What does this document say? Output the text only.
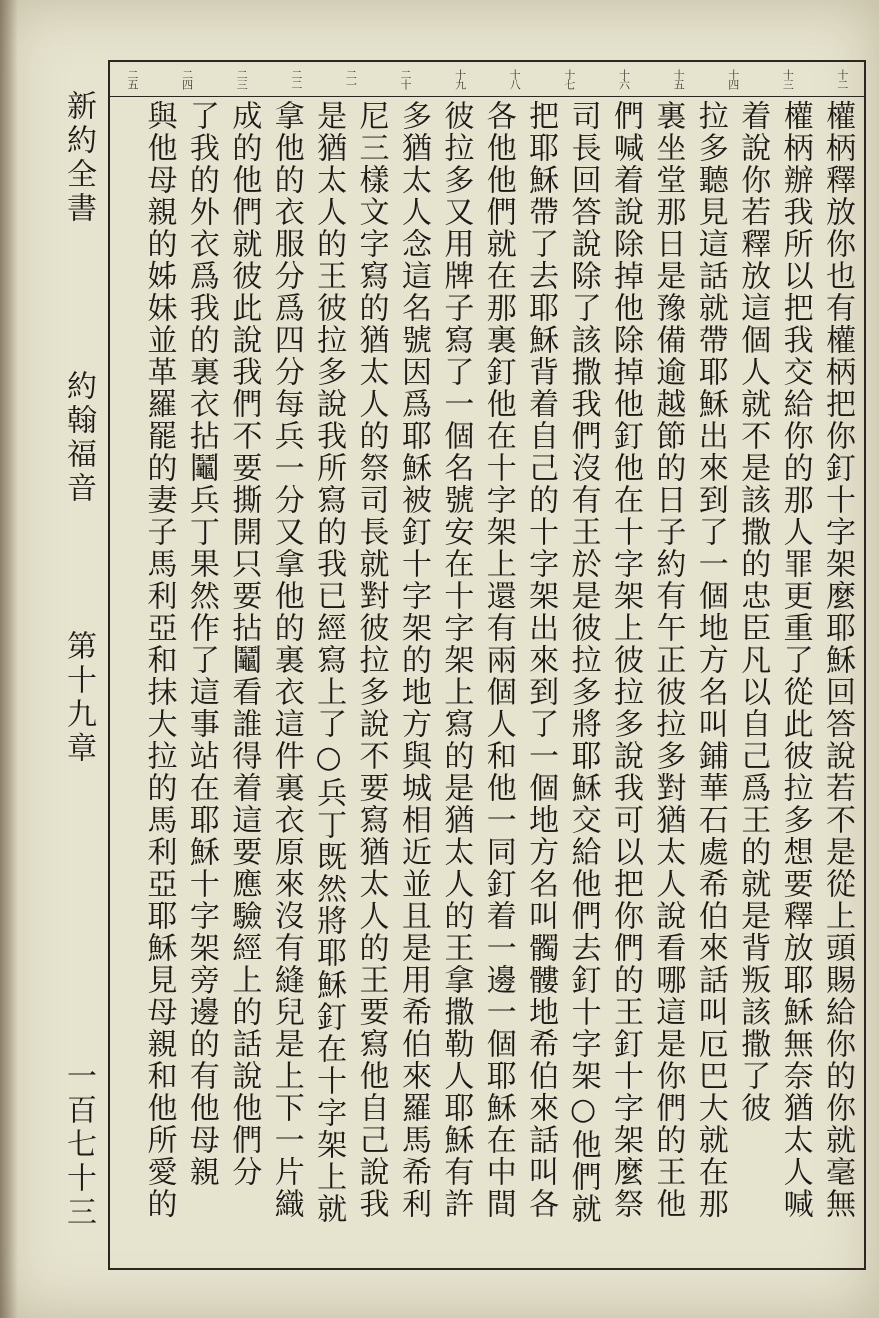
新約全書
約翰福音
第十九章
一百七十三
十二
十三
十四
十五
十六
十七
十八
十九
二十
二一
二二
二三
二四
二五

權柄釋放你也有權柄把你釘十字架麼耶穌回答說若不是從上頭賜給你的你就毫無

權柄辦我所以把我交給你的那人罪更重了從此彼拉多想要釋放耶穌無奈猶太人喊

着說你若釋放這個人就不是該撒的忠臣凡以自己爲王的就是背叛該撒了彼

拉多聽見這話就帶耶穌出來到了一個地方名叫鋪華石處希伯來話叫厄巴大就在那

裏坐堂那日是豫備逾越節的日子約有午正彼拉多對猶太人說看哪這是你們的王他

們喊着說除掉他除掉他釘他在十字架上彼拉多說我可以把你們的王釘十字架麼祭

司長回答說除了該撒我們沒有王於是彼拉多將耶穌交給他們去釘十字架○他們就

把耶穌帶了去耶穌背着自己的十字架出來到了一個地方名叫髑髏地希伯來話叫各

各他他們就在那裏釘他在十字架上還有兩個人和他一同釘着一邊一個耶穌在中間

彼拉多又用牌子寫了一個名號安在十字架上寫的是猶太人的王拿撒勒人耶穌有許

多猶太人念這名號因爲耶穌被釘十字架的地方與城相近並且是用希伯來羅馬希利

尼三樣文字寫的猶太人的祭司長就對彼拉多說不要寫猶太人的王要寫他自己說我

是猶太人的王彼拉多說我所寫的我已經寫上了○兵丁既然將耶穌釘在十字架上就

拿他的衣服分爲四分每兵一分又拿他的裏衣這件裏衣原來沒有縫兒是上下一片織

成的他們就彼此說我們不要撕開只要拈鬮看誰得着這要應驗經上的話說他們分

了我的外衣爲我的裏衣拈鬮兵丁果然作了這事站在耶穌十字架旁邊的有他母親

與他母親的姊妹並革羅罷的妻子馬利亞和抹大拉的馬利亞耶穌見母親和他所愛的
